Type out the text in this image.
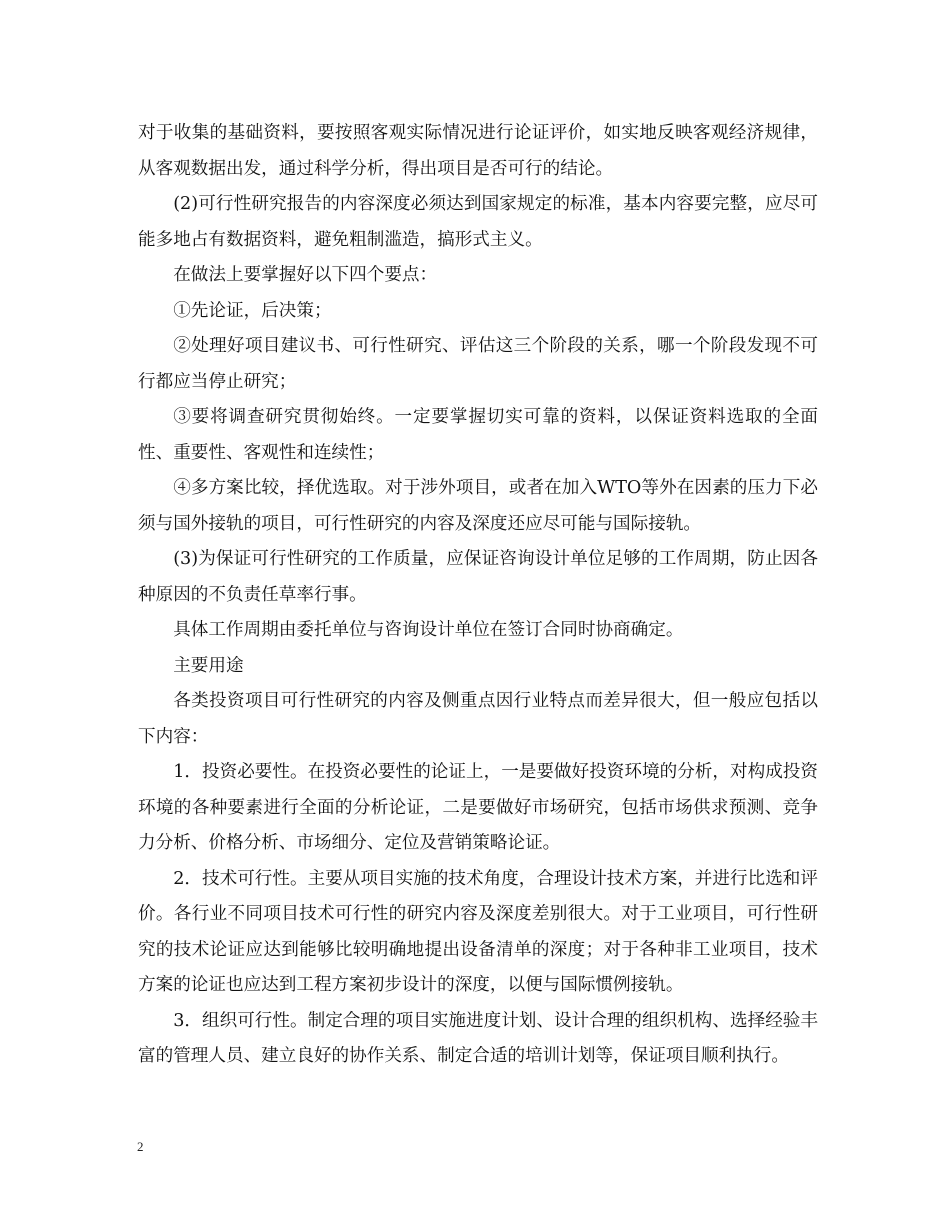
对于收集的基础资料，要按照客观实际情况进行论证评价，如实地反映客观经济规律，从客观数据出发，通过科学分析，得出项目是否可行的结论。

(2)可行性研究报告的内容深度必须达到国家规定的标准，基本内容要完整，应尽可能多地占有数据资料，避免粗制滥造，搞形式主义。

在做法上要掌握好以下四个要点：

①先论证，后决策；

②处理好项目建议书、可行性研究、评估这三个阶段的关系，哪一个阶段发现不可行都应当停止研究；

③要将调查研究贯彻始终。一定要掌握切实可靠的资料，以保证资料选取的全面性、重要性、客观性和连续性；

④多方案比较，择优选取。对于涉外项目，或者在加入WTO等外在因素的压力下必须与国外接轨的项目，可行性研究的内容及深度还应尽可能与国际接轨。

(3)为保证可行性研究的工作质量，应保证咨询设计单位足够的工作周期，防止因各种原因的不负责任草率行事。

具体工作周期由委托单位与咨询设计单位在签订合同时协商确定。

主要用途

各类投资项目可行性研究的内容及侧重点因行业特点而差异很大，但一般应包括以下内容：

1．投资必要性。在投资必要性的论证上，一是要做好投资环境的分析，对构成投资环境的各种要素进行全面的分析论证，二是要做好市场研究，包括市场供求预测、竞争力分析、价格分析、市场细分、定位及营销策略论证。

2．技术可行性。主要从项目实施的技术角度，合理设计技术方案，并进行比选和评价。各行业不同项目技术可行性的研究内容及深度差别很大。对于工业项目，可行性研究的技术论证应达到能够比较明确地提出设备清单的深度；对于各种非工业项目，技术方案的论证也应达到工程方案初步设计的深度，以便与国际惯例接轨。

3．组织可行性。制定合理的项目实施进度计划、设计合理的组织机构、选择经验丰富的管理人员、建立良好的协作关系、制定合适的培训计划等，保证项目顺利执行。

2
